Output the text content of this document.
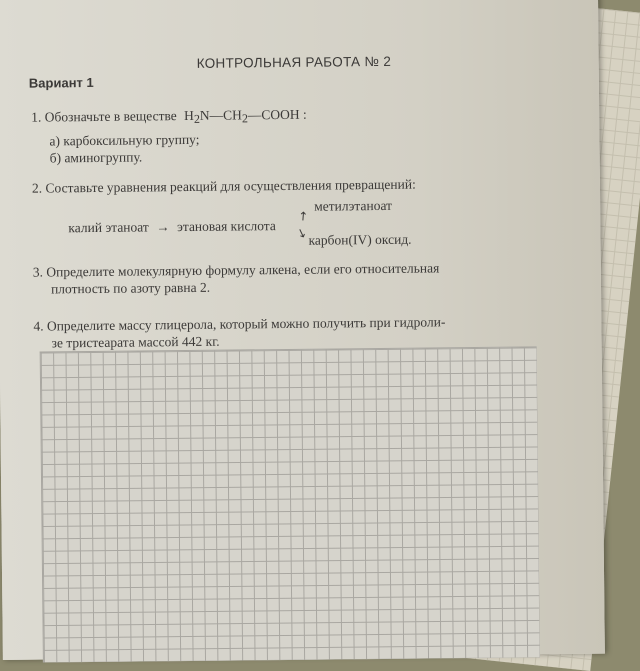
КОНТРОЛЬНАЯ РАБОТА № 2
Вариант 1
1. Обозначьте в веществе H2N—CH2—COOH :
а) карбоксильную группу;
б) аминогруппу.
2. Составьте уравнения реакций для осуществления превращений:
метилэтаноат
↗
калий этаноат → этановая кислота ↘ карбон(IV) оксид.
3. Определите молекулярную формулу алкена, если его относительная
плотность по азоту равна 2.
4. Определите массу глицерола, который можно получить при гидроли-
зе тристеарата массой 442 кг.
